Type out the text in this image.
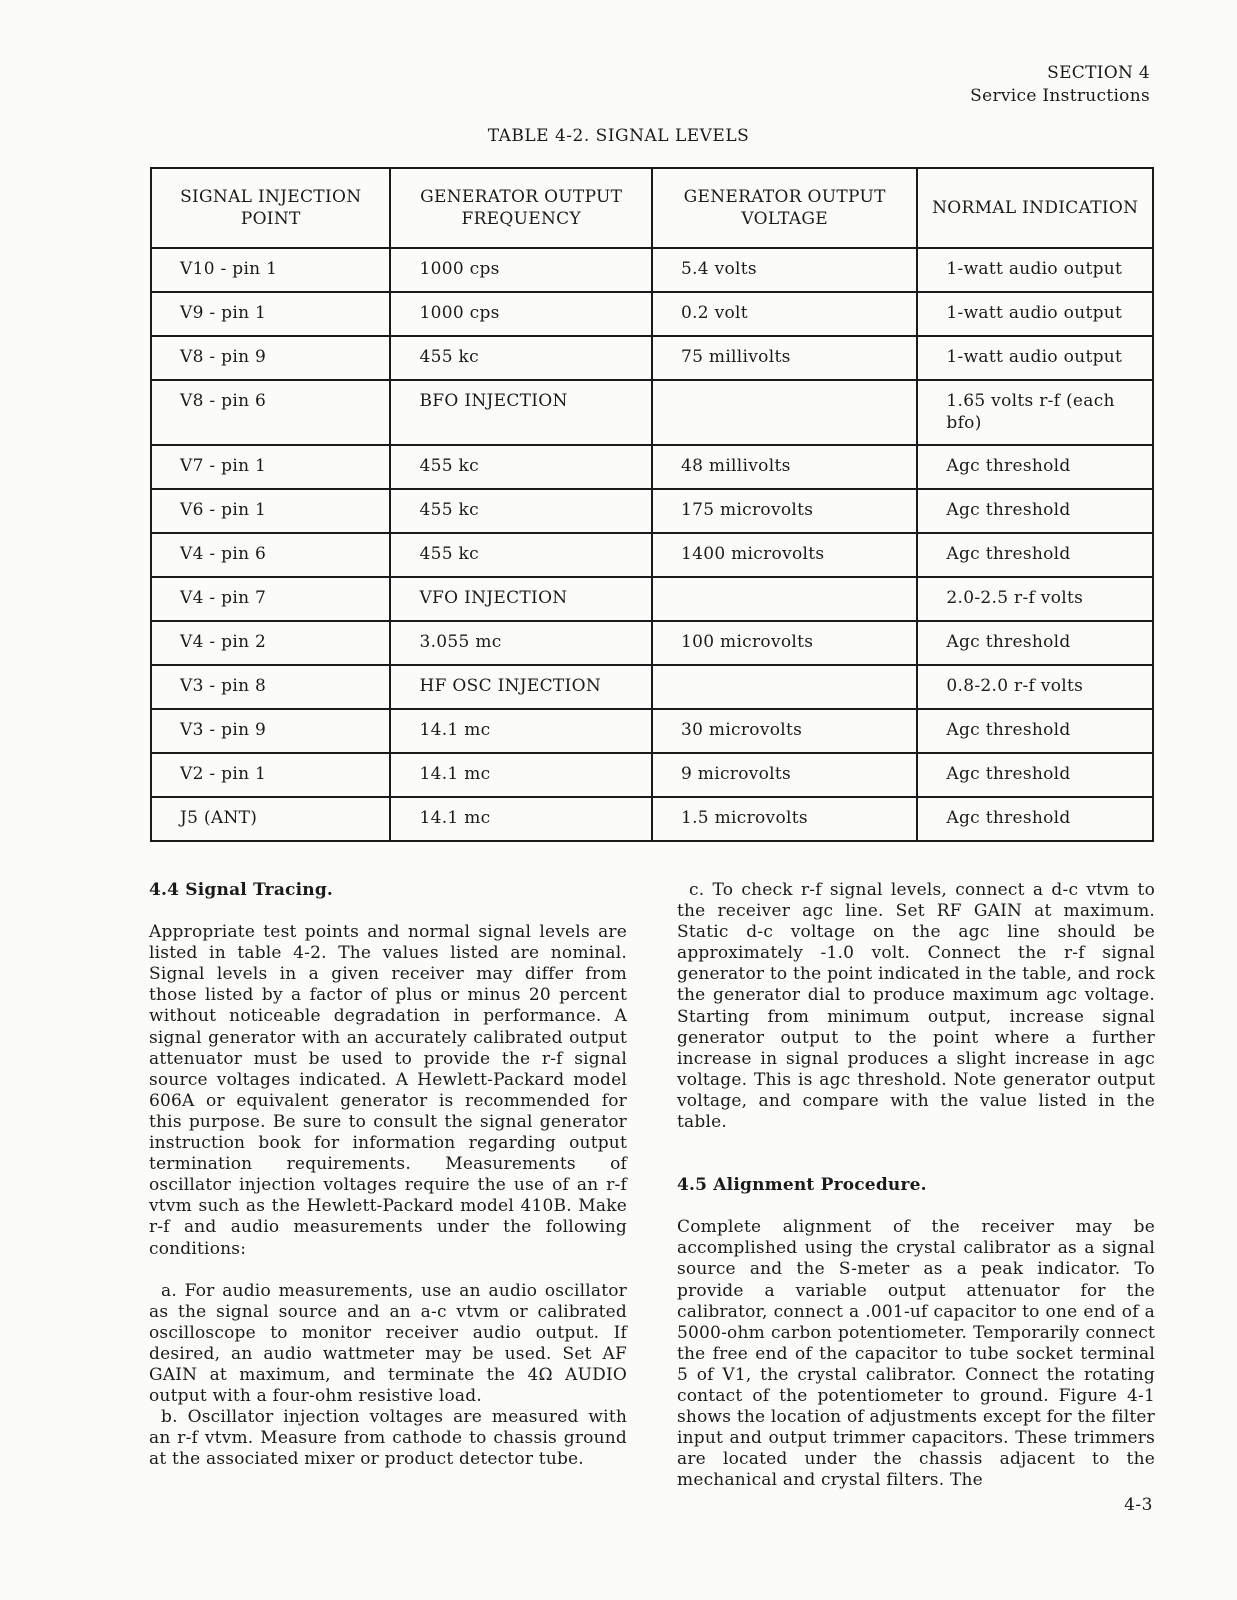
SECTION 4
Service Instructions
TABLE 4-2. SIGNAL LEVELS
SIGNAL INJECTION POINT	GENERATOR OUTPUT FREQUENCY	GENERATOR OUTPUT VOLTAGE	NORMAL INDICATION
V10 - pin 1	1000 cps	5.4 volts	1-watt audio output
V9 - pin 1	1000 cps	0.2 volt	1-watt audio output
V8 - pin 9	455 kc	75 millivolts	1-watt audio output
V8 - pin 6	BFO INJECTION		1.65 volts r-f (each bfo)
V7 - pin 1	455 kc	48 millivolts	Agc threshold
V6 - pin 1	455 kc	175 microvolts	Agc threshold
V4 - pin 6	455 kc	1400 microvolts	Agc threshold
V4 - pin 7	VFO INJECTION		2.0-2.5 r-f volts
V4 - pin 2	3.055 mc	100 microvolts	Agc threshold
V3 - pin 8	HF OSC INJECTION		0.8-2.0 r-f volts
V3 - pin 9	14.1 mc	30 microvolts	Agc threshold
V2 - pin 1	14.1 mc	9 microvolts	Agc threshold
J5 (ANT)	14.1 mc	1.5 microvolts	Agc threshold

4.4 Signal Tracing.

Appropriate test points and normal signal levels are listed in table 4-2. The values listed are nominal. Signal levels in a given receiver may differ from those listed by a factor of plus or minus 20 percent without noticeable degradation in performance. A signal generator with an accurately calibrated output attenuator must be used to provide the r-f signal source voltages indicated. A Hewlett-Packard model 606A or equivalent generator is recommended for this purpose. Be sure to consult the signal generator instruction book for information regarding output termination requirements. Measurements of oscillator injection voltages require the use of an r-f vtvm such as the Hewlett-Packard model 410B. Make r-f and audio measurements under the following conditions:

a. For audio measurements, use an audio oscillator as the signal source and an a-c vtvm or calibrated oscilloscope to monitor receiver audio output. If desired, an audio wattmeter may be used. Set AF GAIN at maximum, and terminate the 4Ω AUDIO output with a four-ohm resistive load.

b. Oscillator injection voltages are measured with an r-f vtvm. Measure from cathode to chassis ground at the associated mixer or product detector tube.

c. To check r-f signal levels, connect a d-c vtvm to the receiver agc line. Set RF GAIN at maximum. Static d-c voltage on the agc line should be approximately -1.0 volt. Connect the r-f signal generator to the point indicated in the table, and rock the generator dial to produce maximum agc voltage. Starting from minimum output, increase signal generator output to the point where a further increase in signal produces a slight increase in agc voltage. This is agc threshold. Note generator output voltage, and compare with the value listed in the table.

4.5 Alignment Procedure.

Complete alignment of the receiver may be accomplished using the crystal calibrator as a signal source and the S-meter as a peak indicator. To provide a variable output attenuator for the calibrator, connect a .001-uf capacitor to one end of a 5000-ohm carbon potentiometer. Temporarily connect the free end of the capacitor to tube socket terminal 5 of V1, the crystal calibrator. Connect the rotating contact of the potentiometer to ground. Figure 4-1 shows the location of adjustments except for the filter input and output trimmer capacitors. These trimmers are located under the chassis adjacent to the mechanical and crystal filters. The

4-3
